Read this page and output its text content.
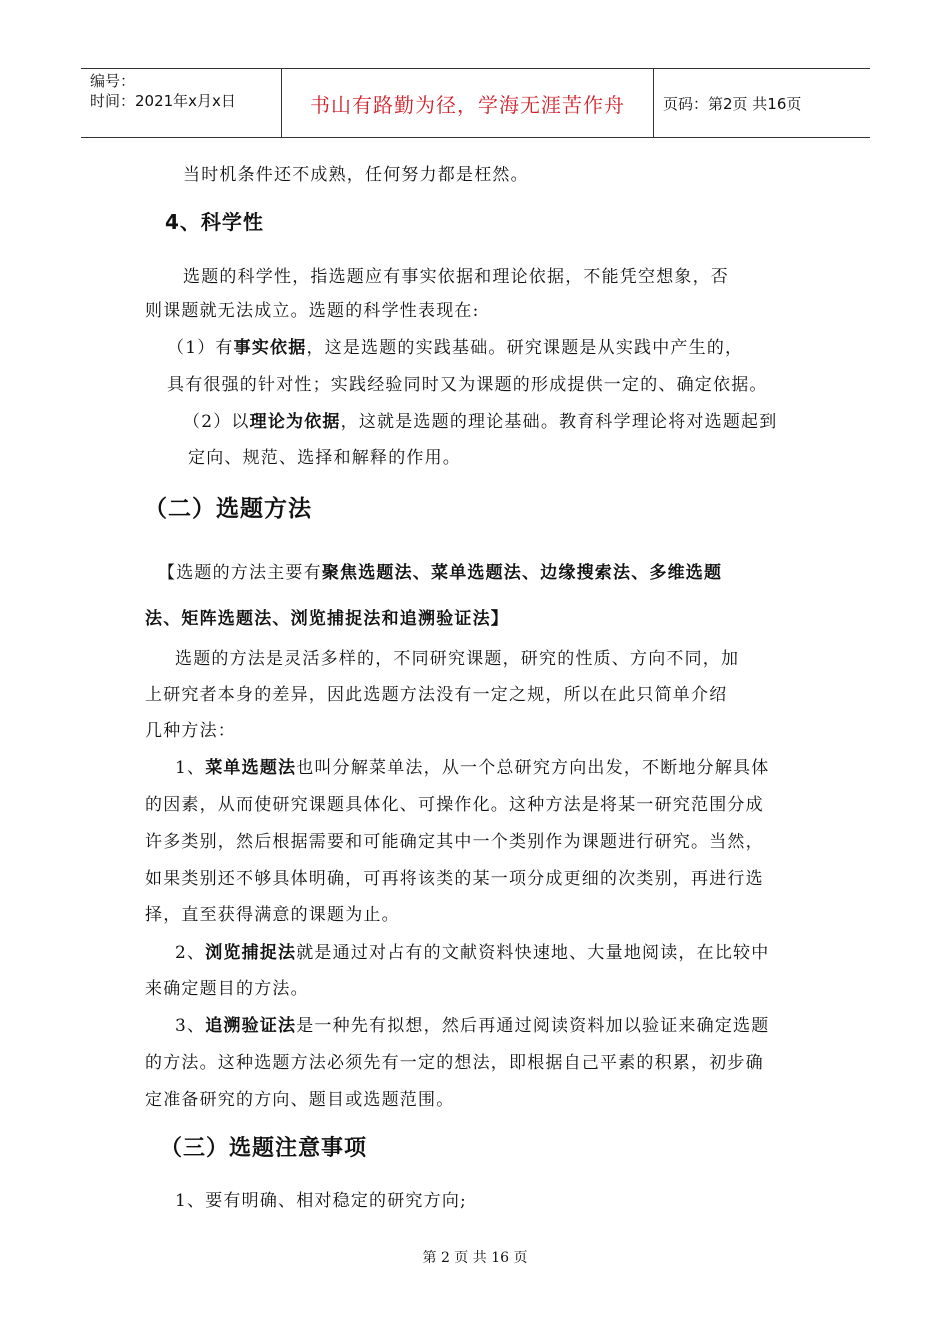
编号：
时间：2021年x月x日	书山有路勤为径，学海无涯苦作舟	页码：第2页 共16页
当时机条件还不成熟，任何努力都是枉然。
4、科学性
选题的科学性，指选题应有事实依据和理论依据，不能凭空想象，否
则课题就无法成立。选题的科学性表现在:
（1）有事实依据，这是选题的实践基础。研究课题是从实践中产生的，
具有很强的针对性；实践经验同时又为课题的形成提供一定的、确定依据。
（2）以理论为依据，这就是选题的理论基础。教育科学理论将对选题起到
定向、规范、选择和解释的作用。
（二）选题方法
【选题的方法主要有聚焦选题法、菜单选题法、边缘搜索法、多维选题
法、矩阵选题法、浏览捕捉法和追溯验证法】
选题的方法是灵活多样的，不同研究课题，研究的性质、方向不同，加
上研究者本身的差异，因此选题方法没有一定之规，所以在此只简单介绍
几种方法：
1、菜单选题法也叫分解菜单法，从一个总研究方向出发，不断地分解具体
的因素，从而使研究课题具体化、可操作化。这种方法是将某一研究范围分成
许多类别，然后根据需要和可能确定其中一个类别作为课题进行研究。当然，
如果类别还不够具体明确，可再将该类的某一项分成更细的次类别，再进行选
择，直至获得满意的课题为止。
2、浏览捕捉法就是通过对占有的文献资料快速地、大量地阅读，在比较中
来确定题目的方法。
3、追溯验证法是一种先有拟想，然后再通过阅读资料加以验证来确定选题
的方法。这种选题方法必须先有一定的想法，即根据自己平素的积累，初步确
定准备研究的方向、题目或选题范围。
（三）选题注意事项
1、要有明确、相对稳定的研究方向;
第 2 页 共 16 页
